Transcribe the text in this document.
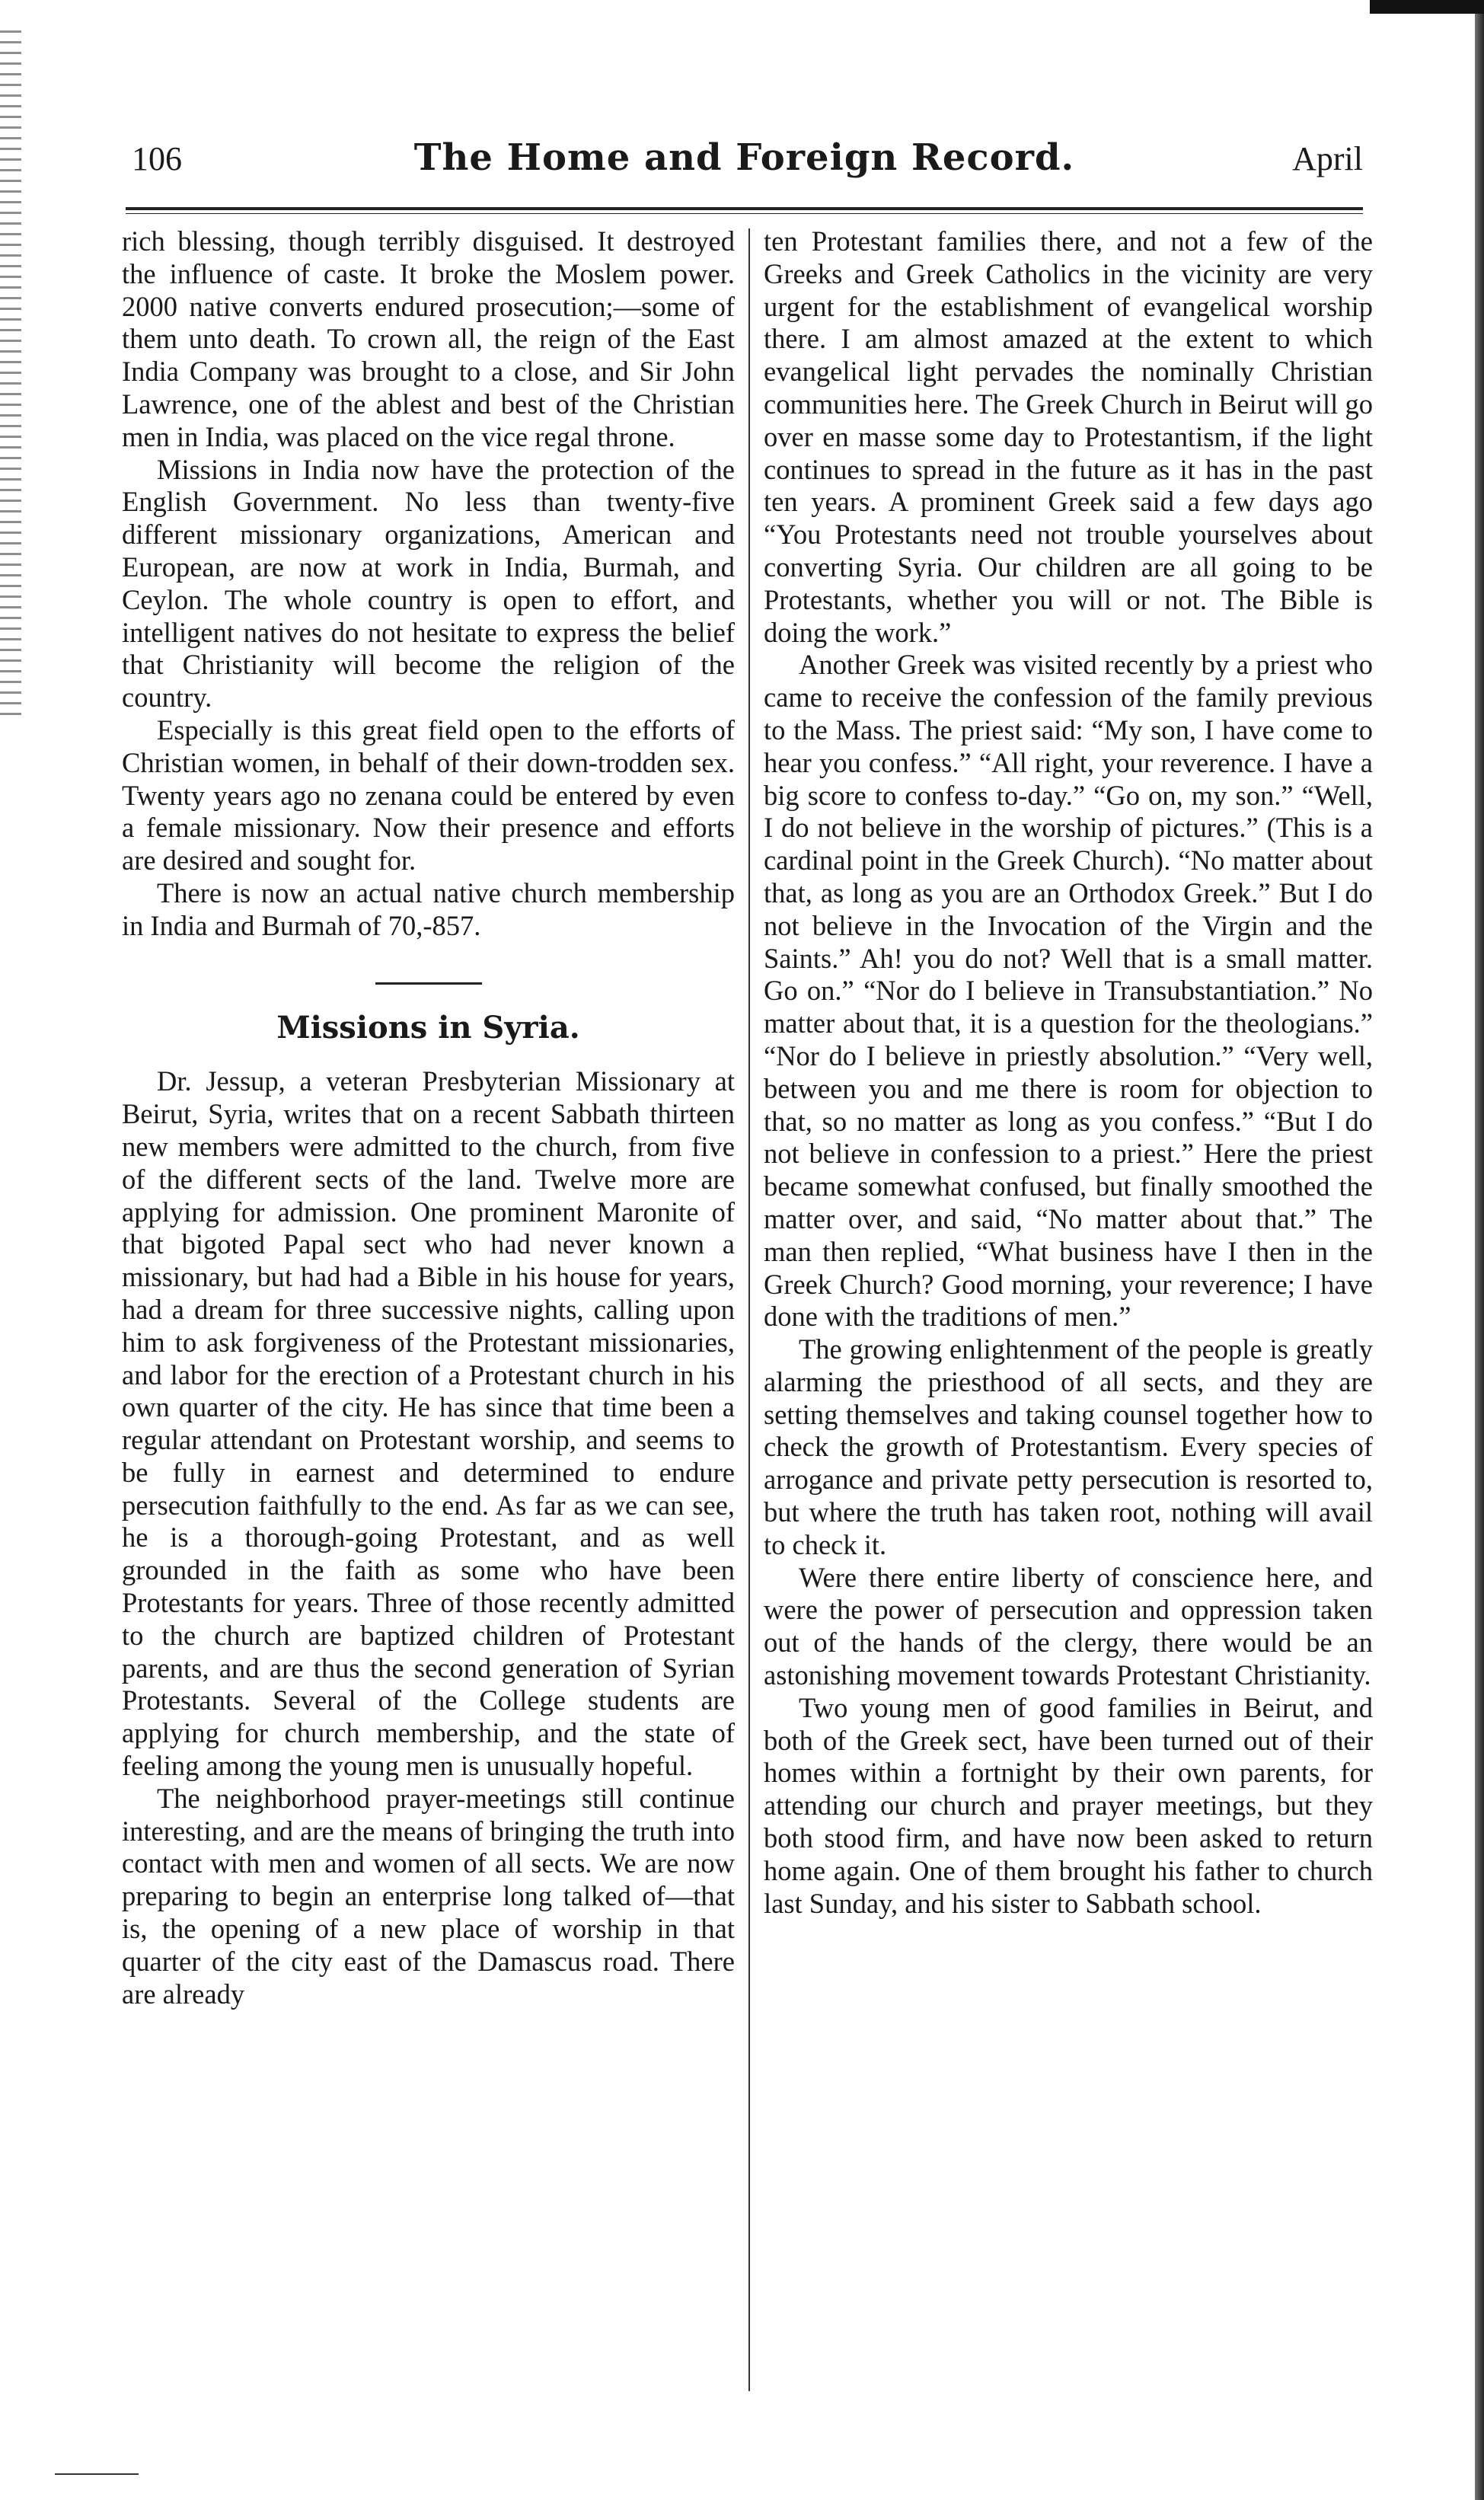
106	The Home and Foreign Record.	April

rich blessing, though terribly disguised. It destroyed the influence of caste. It broke the Moslem power. 2000 native converts endured prosecution;—some of them unto death. To crown all, the reign of the East India Company was brought to a close, and Sir John Lawrence, one of the ablest and best of the Christian men in India, was placed on the vice regal throne.

Missions in India now have the protection of the English Government. No less than twenty-five different missionary organizations, American and European, are now at work in India, Burmah, and Ceylon. The whole country is open to effort, and intelligent natives do not hesitate to express the belief that Christianity will become the religion of the country.

Especially is this great field open to the efforts of Christian women, in behalf of their down-trodden sex. Twenty years ago no zenana could be entered by even a female missionary. Now their presence and efforts are desired and sought for.

There is now an actual native church membership in India and Burmah of 70,-857.

Missions in Syria.

Dr. Jessup, a veteran Presbyterian Missionary at Beirut, Syria, writes that on a recent Sabbath thirteen new members were admitted to the church, from five of the different sects of the land. Twelve more are applying for admission. One prominent Maronite of that bigoted Papal sect who had never known a missionary, but had had a Bible in his house for years, had a dream for three successive nights, calling upon him to ask forgiveness of the Protestant missionaries, and labor for the erection of a Protestant church in his own quarter of the city. He has since that time been a regular attendant on Protestant worship, and seems to be fully in earnest and determined to endure persecution faithfully to the end. As far as we can see, he is a thorough-going Protestant, and as well grounded in the faith as some who have been Protestants for years. Three of those recently admitted to the church are baptized children of Protestant parents, and are thus the second generation of Syrian Protestants. Several of the College students are applying for church membership, and the state of feeling among the young men is unusually hopeful.

The neighborhood prayer-meetings still continue interesting, and are the means of bringing the truth into contact with men and women of all sects. We are now preparing to begin an enterprise long talked of—that is, the opening of a new place of worship in that quarter of the city east of the Damascus road. There are already

ten Protestant families there, and not a few of the Greeks and Greek Catholics in the vicinity are very urgent for the establishment of evangelical worship there. I am almost amazed at the extent to which evangelical light pervades the nominally Christian communities here. The Greek Church in Beirut will go over en masse some day to Protestantism, if the light continues to spread in the future as it has in the past ten years. A prominent Greek said a few days ago “You Protestants need not trouble yourselves about converting Syria. Our children are all going to be Protestants, whether you will or not. The Bible is doing the work.”

Another Greek was visited recently by a priest who came to receive the confession of the family previous to the Mass. The priest said: “My son, I have come to hear you confess.” “All right, your reverence. I have a big score to confess to-day.” “Go on, my son.” “Well, I do not believe in the worship of pictures.” (This is a cardinal point in the Greek Church). “No matter about that, as long as you are an Orthodox Greek.” But I do not believe in the Invocation of the Virgin and the Saints.” Ah! you do not? Well that is a small matter. Go on.” “Nor do I believe in Transubstantiation.” No matter about that, it is a question for the theologians.” “Nor do I believe in priestly absolution.” “Very well, between you and me there is room for objection to that, so no matter as long as you confess.” “But I do not believe in confession to a priest.” Here the priest became somewhat confused, but finally smoothed the matter over, and said, “No matter about that.” The man then replied, “What business have I then in the Greek Church? Good morning, your reverence; I have done with the traditions of men.”

The growing enlightenment of the people is greatly alarming the priesthood of all sects, and they are setting themselves and taking counsel together how to check the growth of Protestantism. Every species of arrogance and private petty persecution is resorted to, but where the truth has taken root, nothing will avail to check it.

Were there entire liberty of conscience here, and were the power of persecution and oppression taken out of the hands of the clergy, there would be an astonishing movement towards Protestant Christianity.

Two young men of good families in Beirut, and both of the Greek sect, have been turned out of their homes within a fortnight by their own parents, for attending our church and prayer meetings, but they both stood firm, and have now been asked to return home again. One of them brought his father to church last Sunday, and his sister to Sabbath school.
